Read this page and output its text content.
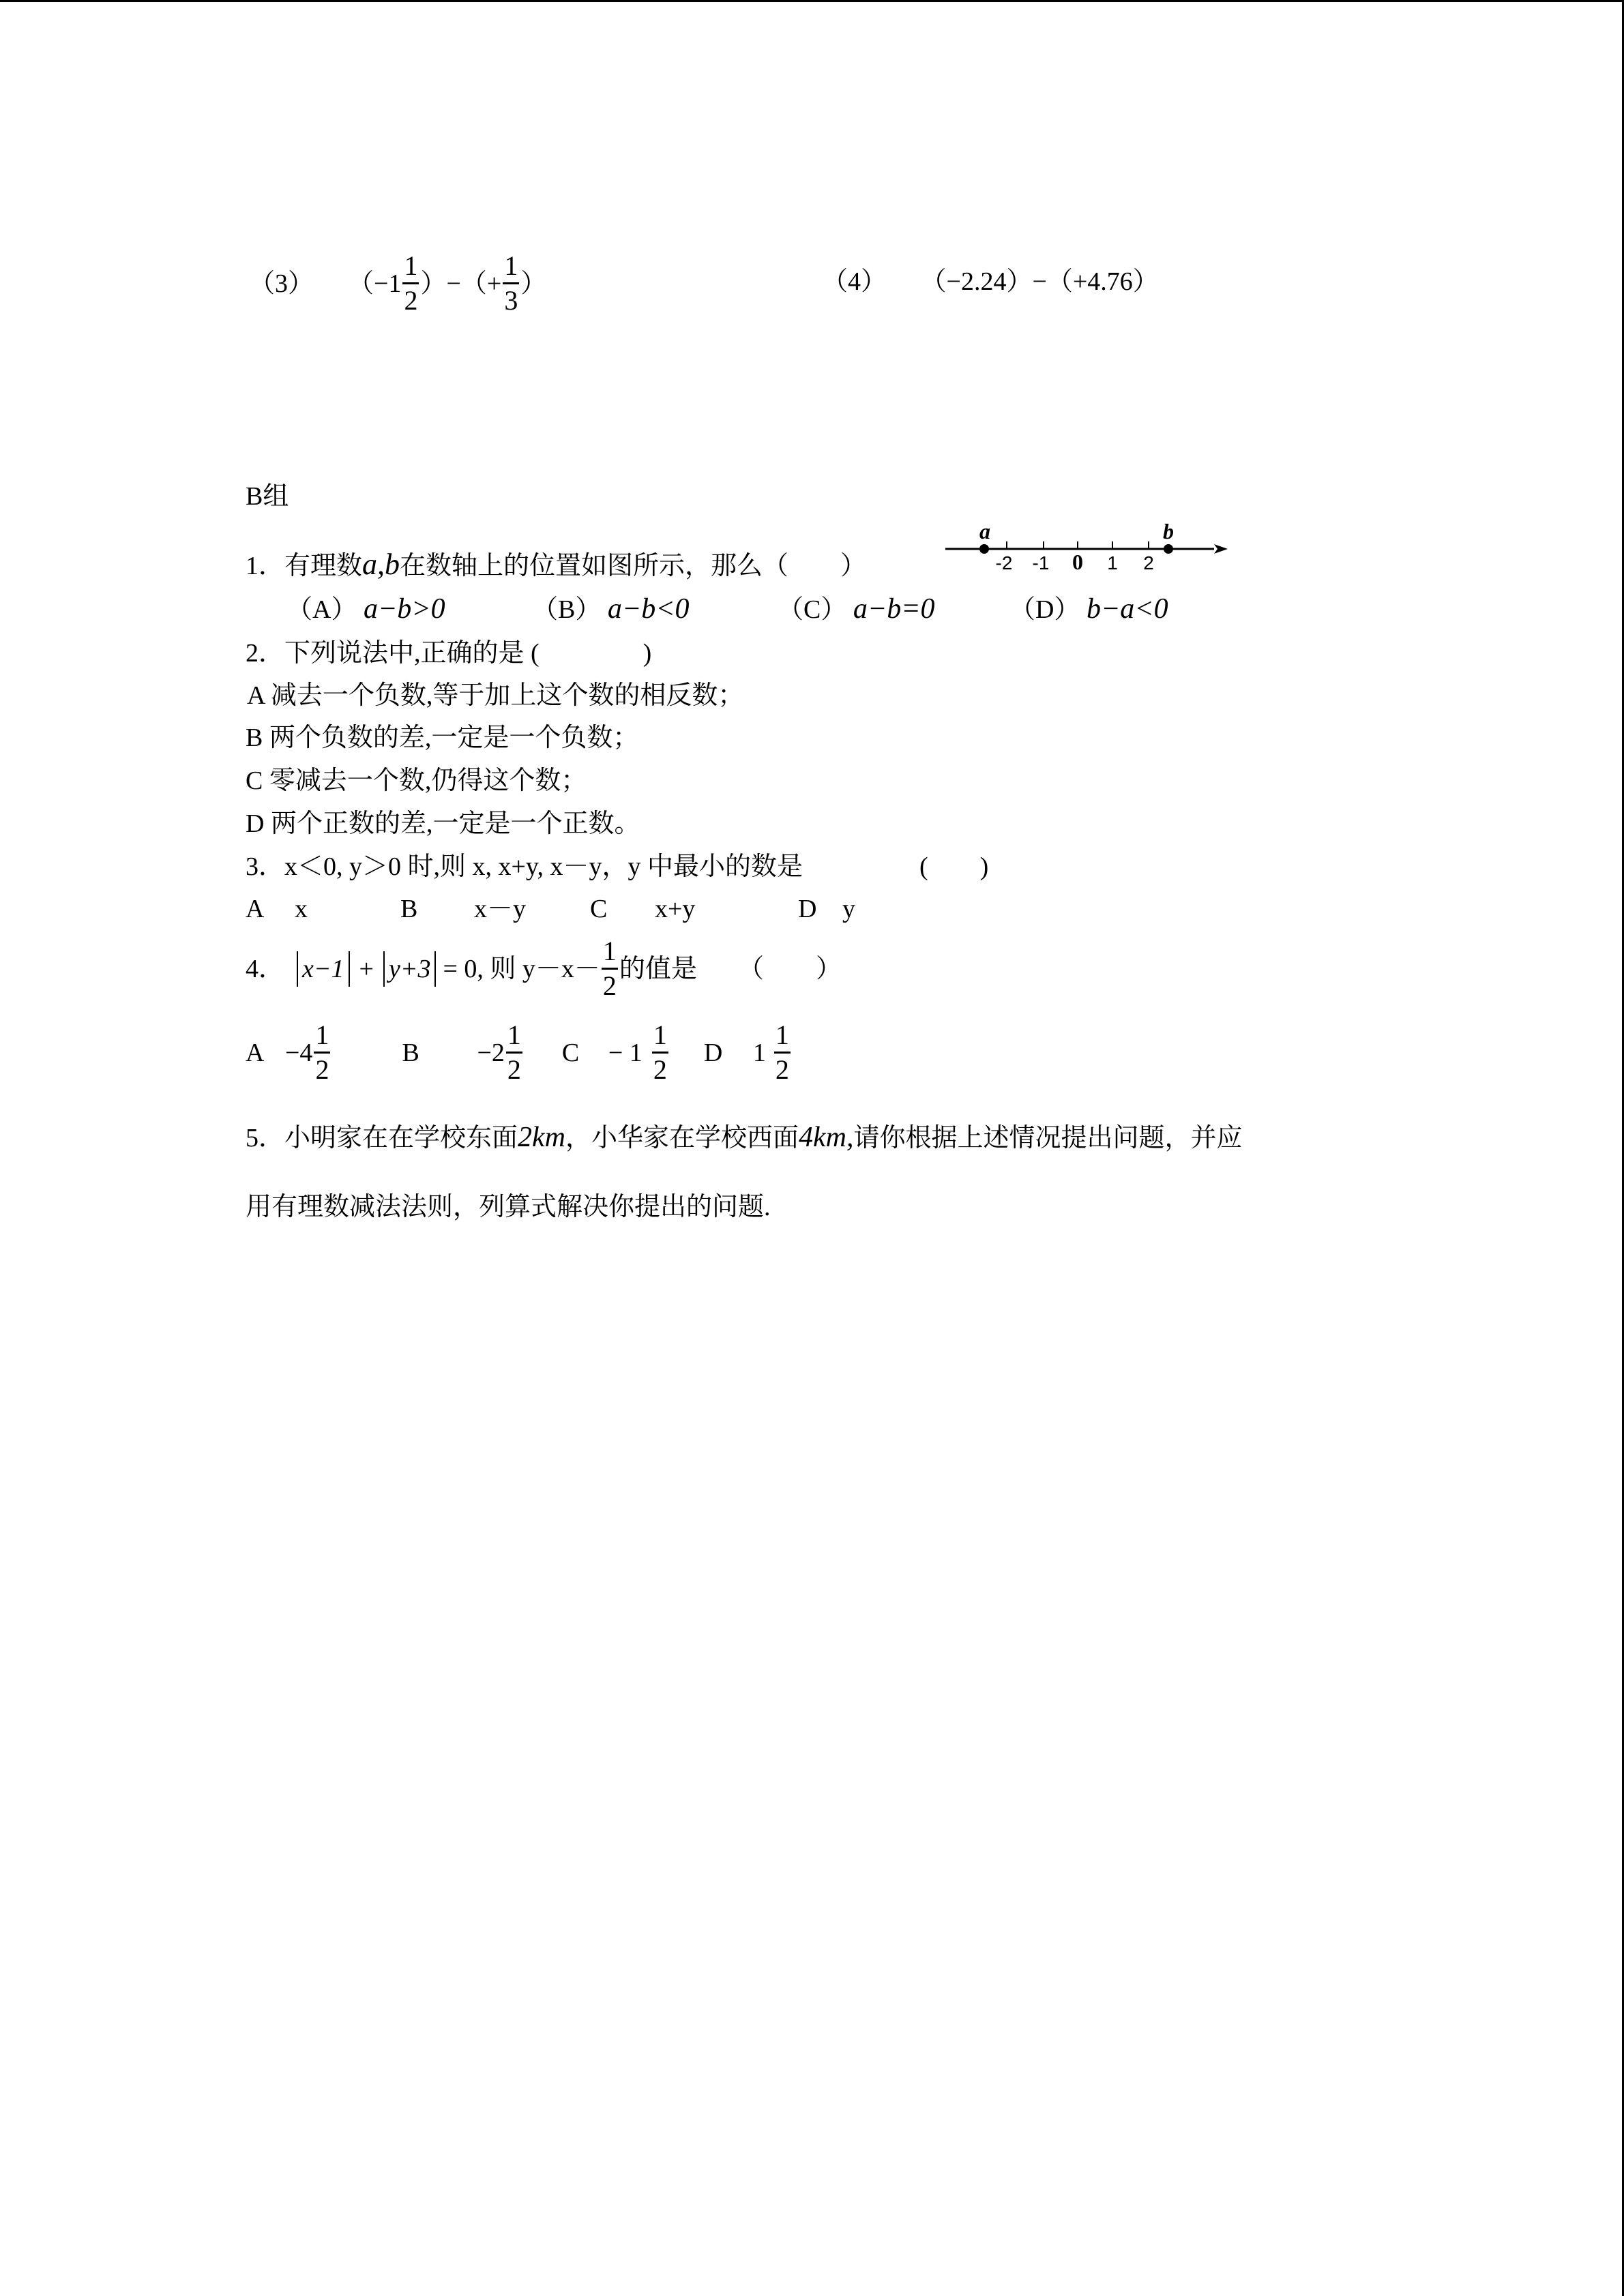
（3） （$-1 \frac{1}{2}$ ）−（+ $\frac{1}{3}$ ）	（4） （−2.24）−（+4.76）
B组
1．有理数a,b在数轴上的位置如图所示，那么（　　）
a	b
-2 -1 0 1 2
（A） a−b>0	（B） a−b<0	（C） a−b=0	（D） b−a<0
2．下列说法中,正确的是 (　　　　)
A 减去一个负数,等于加上这个数的相反数；
B 两个负数的差,一定是一个负数；
C 零减去一个数,仍得这个数；
D 两个正数的差,一定是一个正数。
3．x＜0, y＞0 时,则 x, x+y, x－y，y 中最小的数是	(　　)
A	x	B	x－y	C	x+y	D y
4． x−1 + y+3 = 0, 则 $y-x- \frac{1}{2}$ 的值是 （　　）
$A -4 \frac{1}{2}$	B	$-2 \frac{1}{2}$ C	− $1 \frac{1}{2}$ D	$1 \frac{1}{2}$
5．小明家在在学校东面2km，小华家在学校西面4km,请你根据上述情况提出问题，并应
用有理数减法法则，列算式解决你提出的问题.
